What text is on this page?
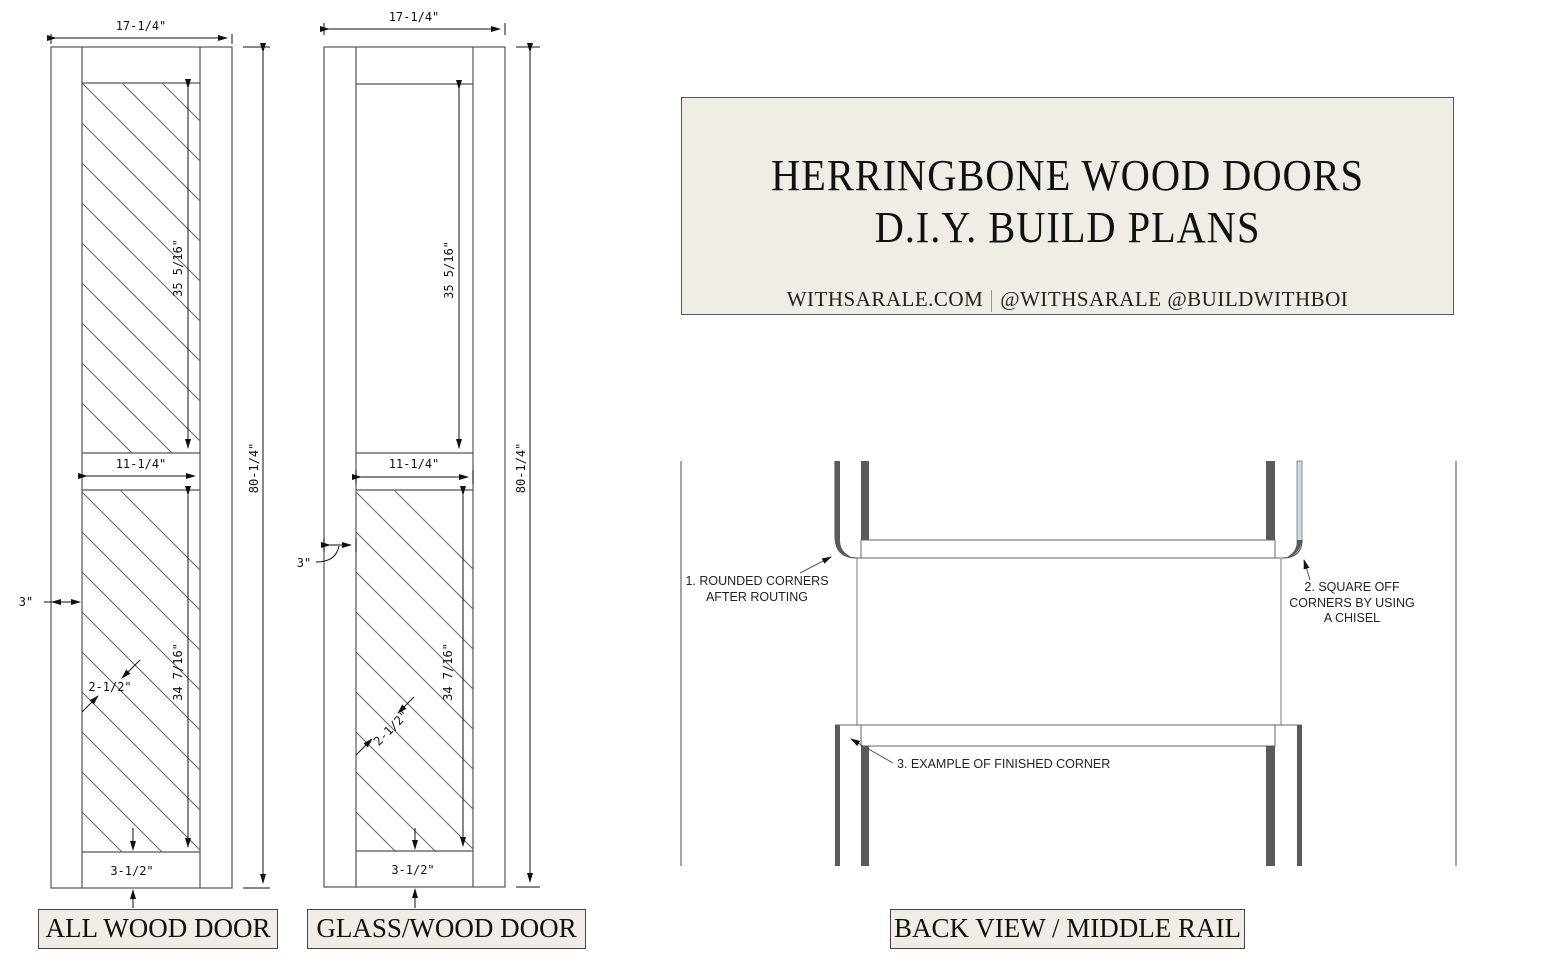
17-1/4"
80-1/4"
35 5/16"
11-1/4"
34 7/16"
3"
2-1/2"
3-1/2"
17-1/4"
80-1/4"
35 5/16"
11-1/4"
34 7/16"
3"
2-1/2"
3-1/2"
1. ROUNDED CORNERS
AFTER ROUTING
2. SQUARE OFF
CORNERS BY USING
A CHISEL
3. EXAMPLE OF FINISHED CORNER
HERRINGBONE WOOD DOORS
D.I.Y. BUILD PLANS
WITHSARALE.COM @WITHSARALE @BUILDWITHBOI
ALL WOOD DOOR	GLASS/WOOD DOOR	BACK VIEW / MIDDLE RAIL
